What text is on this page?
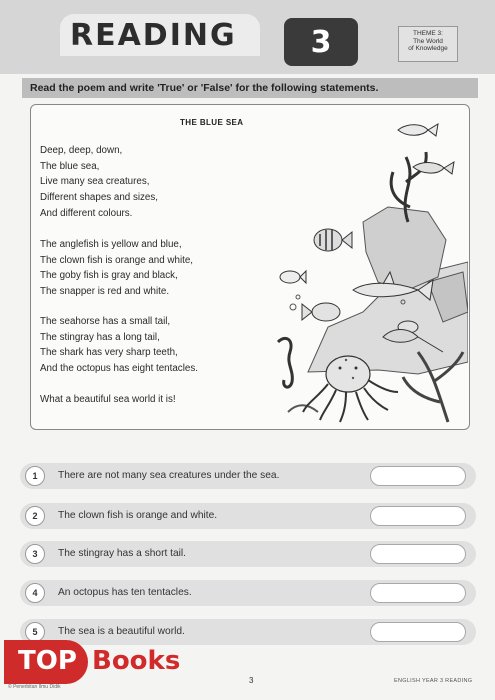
READING	3	THEME 3:
The World
of Knowledge
Read the poem and write 'True' or 'False' for the following statements.
THE BLUE SEA
Deep, deep, down,
The blue sea,
Live many sea creatures,
Different shapes and sizes,
And different colours.
The anglefish is yellow and blue,
The clown fish is orange and white,
The goby fish is gray and black,
The snapper is red and white.
The seahorse has a small tail,
The stingray has a long tail,
The shark has very sharp teeth,
And the octopus has eight tentacles.
What a beautiful sea world it is!
1	There are not many sea creatures under the sea.
2	The clown fish is orange and white.
3	The stingray has a short tail.
4	An octopus has ten tentacles.
5	The sea is a beautiful world.
TOP Books
© Penerbitan Ilmu Didik
3	ENGLISH YEAR 3 READING
